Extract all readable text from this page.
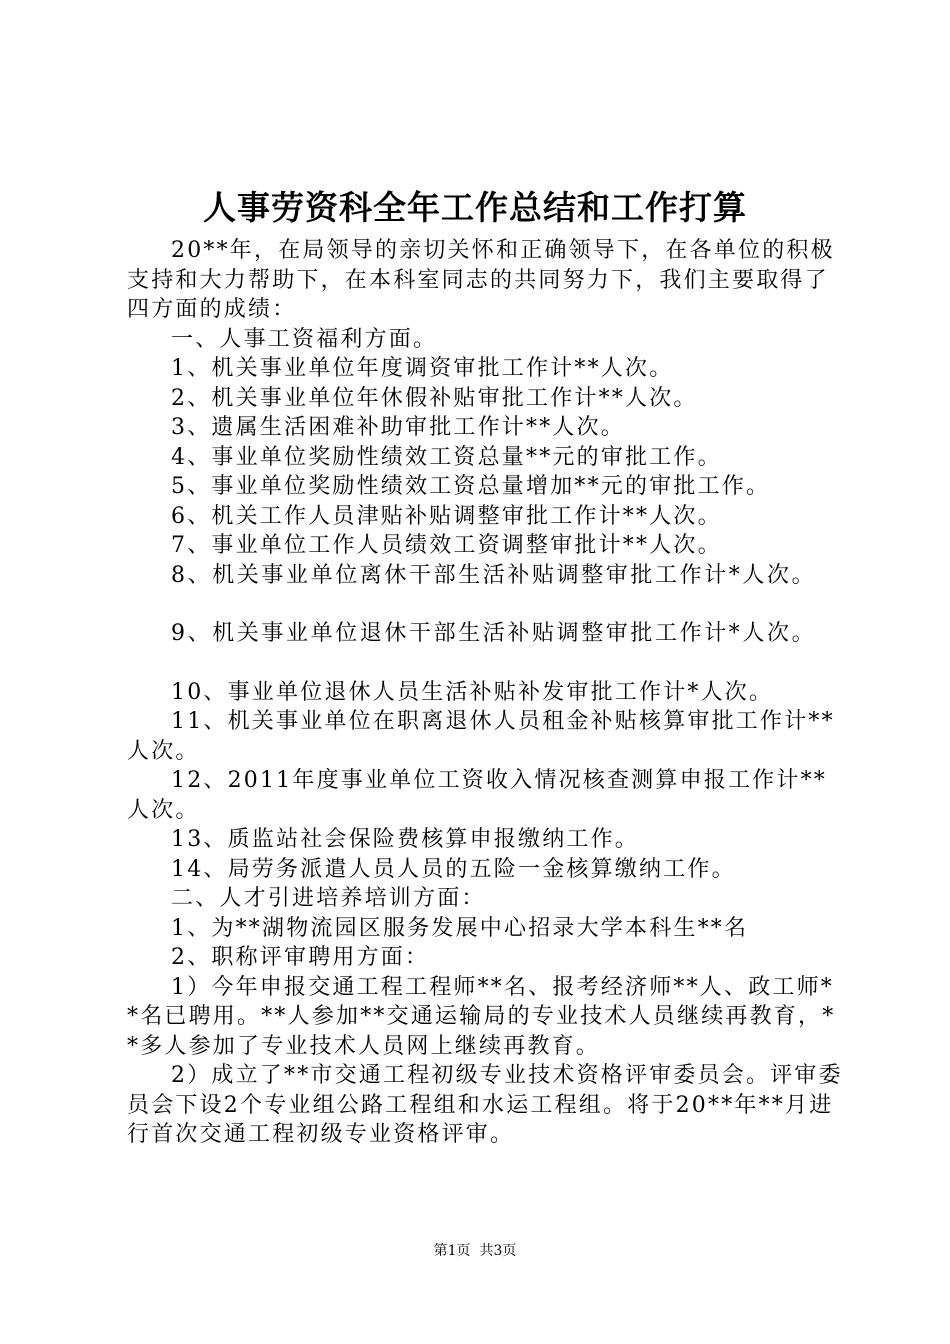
人事劳资科全年工作总结和工作打算

20**年，在局领导的亲切关怀和正确领导下，在各单位的积极支持和大力帮助下，在本科室同志的共同努力下，我们主要取得了四方面的成绩：

一、人事工资福利方面。

1、机关事业单位年度调资审批工作计**人次。

2、机关事业单位年休假补贴审批工作计**人次。

3、遗属生活困难补助审批工作计**人次。

4、事业单位奖励性绩效工资总量**元的审批工作。

5、事业单位奖励性绩效工资总量增加**元的审批工作。

6、机关工作人员津贴补贴调整审批工作计**人次。

7、事业单位工作人员绩效工资调整审批计**人次。

8、机关事业单位离休干部生活补贴调整审批工作计*人次。

9、机关事业单位退休干部生活补贴调整审批工作计*人次。

10、事业单位退休人员生活补贴补发审批工作计*人次。

11、机关事业单位在职离退休人员租金补贴核算审批工作计**人次。

12、2011年度事业单位工资收入情况核查测算申报工作计**人次。

13、质监站社会保险费核算申报缴纳工作。

14、局劳务派遣人员人员的五险一金核算缴纳工作。

二、人才引进培养培训方面：

1、为**湖物流园区服务发展中心招录大学本科生**名

2、职称评审聘用方面：

1）今年申报交通工程工程师**名、报考经济师**人、政工师**名已聘用。**人参加**交通运输局的专业技术人员继续再教育，**多人参加了专业技术人员网上继续再教育。

2）成立了**市交通工程初级专业技术资格评审委员会。评审委员会下设2个专业组公路工程组和水运工程组。将于20**年**月进行首次交通工程初级专业资格评审。

第1页 共3页
